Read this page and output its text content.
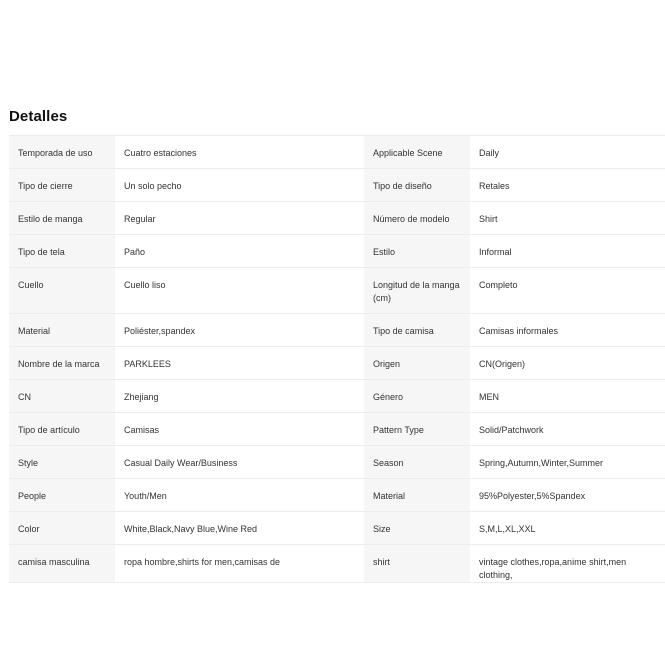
Detalles
Temporada de uso	Cuatro estaciones	Applicable Scene	Daily
Tipo de cierre	Un solo pecho	Tipo de diseño	Retales
Estilo de manga	Regular	Número de modelo	Shirt
Tipo de tela	Paño	Estilo	Informal
Cuello	Cuello liso	Longitud de la manga (cm)	Completo
Material	Poliéster,spandex	Tipo de camisa	Camisas informales
Nombre de la marca	PARKLEES	Origen	CN(Origen)
CN	Zhejiang	Género	MEN
Tipo de artículo	Camisas	Pattern Type	Solid/Patchwork
Style	Casual Daily Wear/Business	Season	Spring,Autumn,Winter,Summer
People	Youth/Men	Material	95%Polyester,5%Spandex
Color	White,Black,Navy Blue,Wine Red	Size	S,M,L,XL,XXL
camisa masculina	ropa hombre,shirts for men,camisas de	shirt	vintage clothes,ropa,anime shirt,men clothing,
